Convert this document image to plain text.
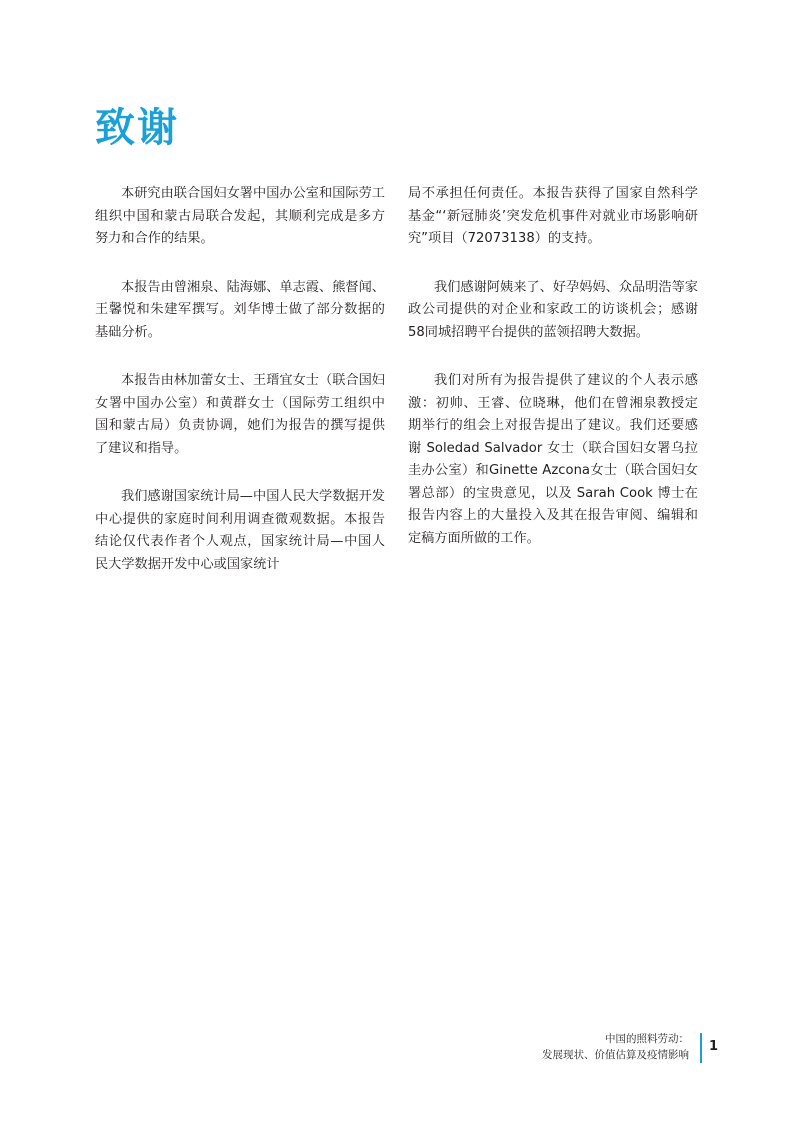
致谢

本研究由联合国妇女署中国办公室和国际劳工组织中国和蒙古局联合发起，其顺利完成是多方努力和合作的结果。

本报告由曾湘泉、陆海娜、单志霞、熊督闻、王馨悦和朱建军撰写。刘华博士做了部分数据的基础分析。

本报告由林加蕾女士、王瑨宜女士（联合国妇女署中国办公室）和黄群女士（国际劳工组织中国和蒙古局）负责协调，她们为报告的撰写提供了建议和指导。

我们感谢国家统计局—中国人民大学数据开发中心提供的家庭时间利用调查微观数据。本报告结论仅代表作者个人观点，国家统计局—中国人民大学数据开发中心或国家统计

局不承担任何责任。本报告获得了国家自然科学基金“‘新冠肺炎’突发危机事件对就业市场影响研究”项目（72073138）的支持。

我们感谢阿姨来了、好孕妈妈、众品明浩等家政公司提供的对企业和家政工的访谈机会；感谢58同城招聘平台提供的蓝领招聘大数据。

我们对所有为报告提供了建议的个人表示感激：初帅、王睿、位晓琳，他们在曾湘泉教授定期举行的组会上对报告提出了建议。我们还要感谢 Soledad Salvador 女士（联合国妇女署乌拉圭办公室）和Ginette Azcona女士（联合国妇女署总部）的宝贵意见，以及 Sarah Cook 博士在报告内容上的大量投入及其在报告审阅、编辑和定稿方面所做的工作。

中国的照料劳动：
发展现状、价值估算及疫情影响
1
